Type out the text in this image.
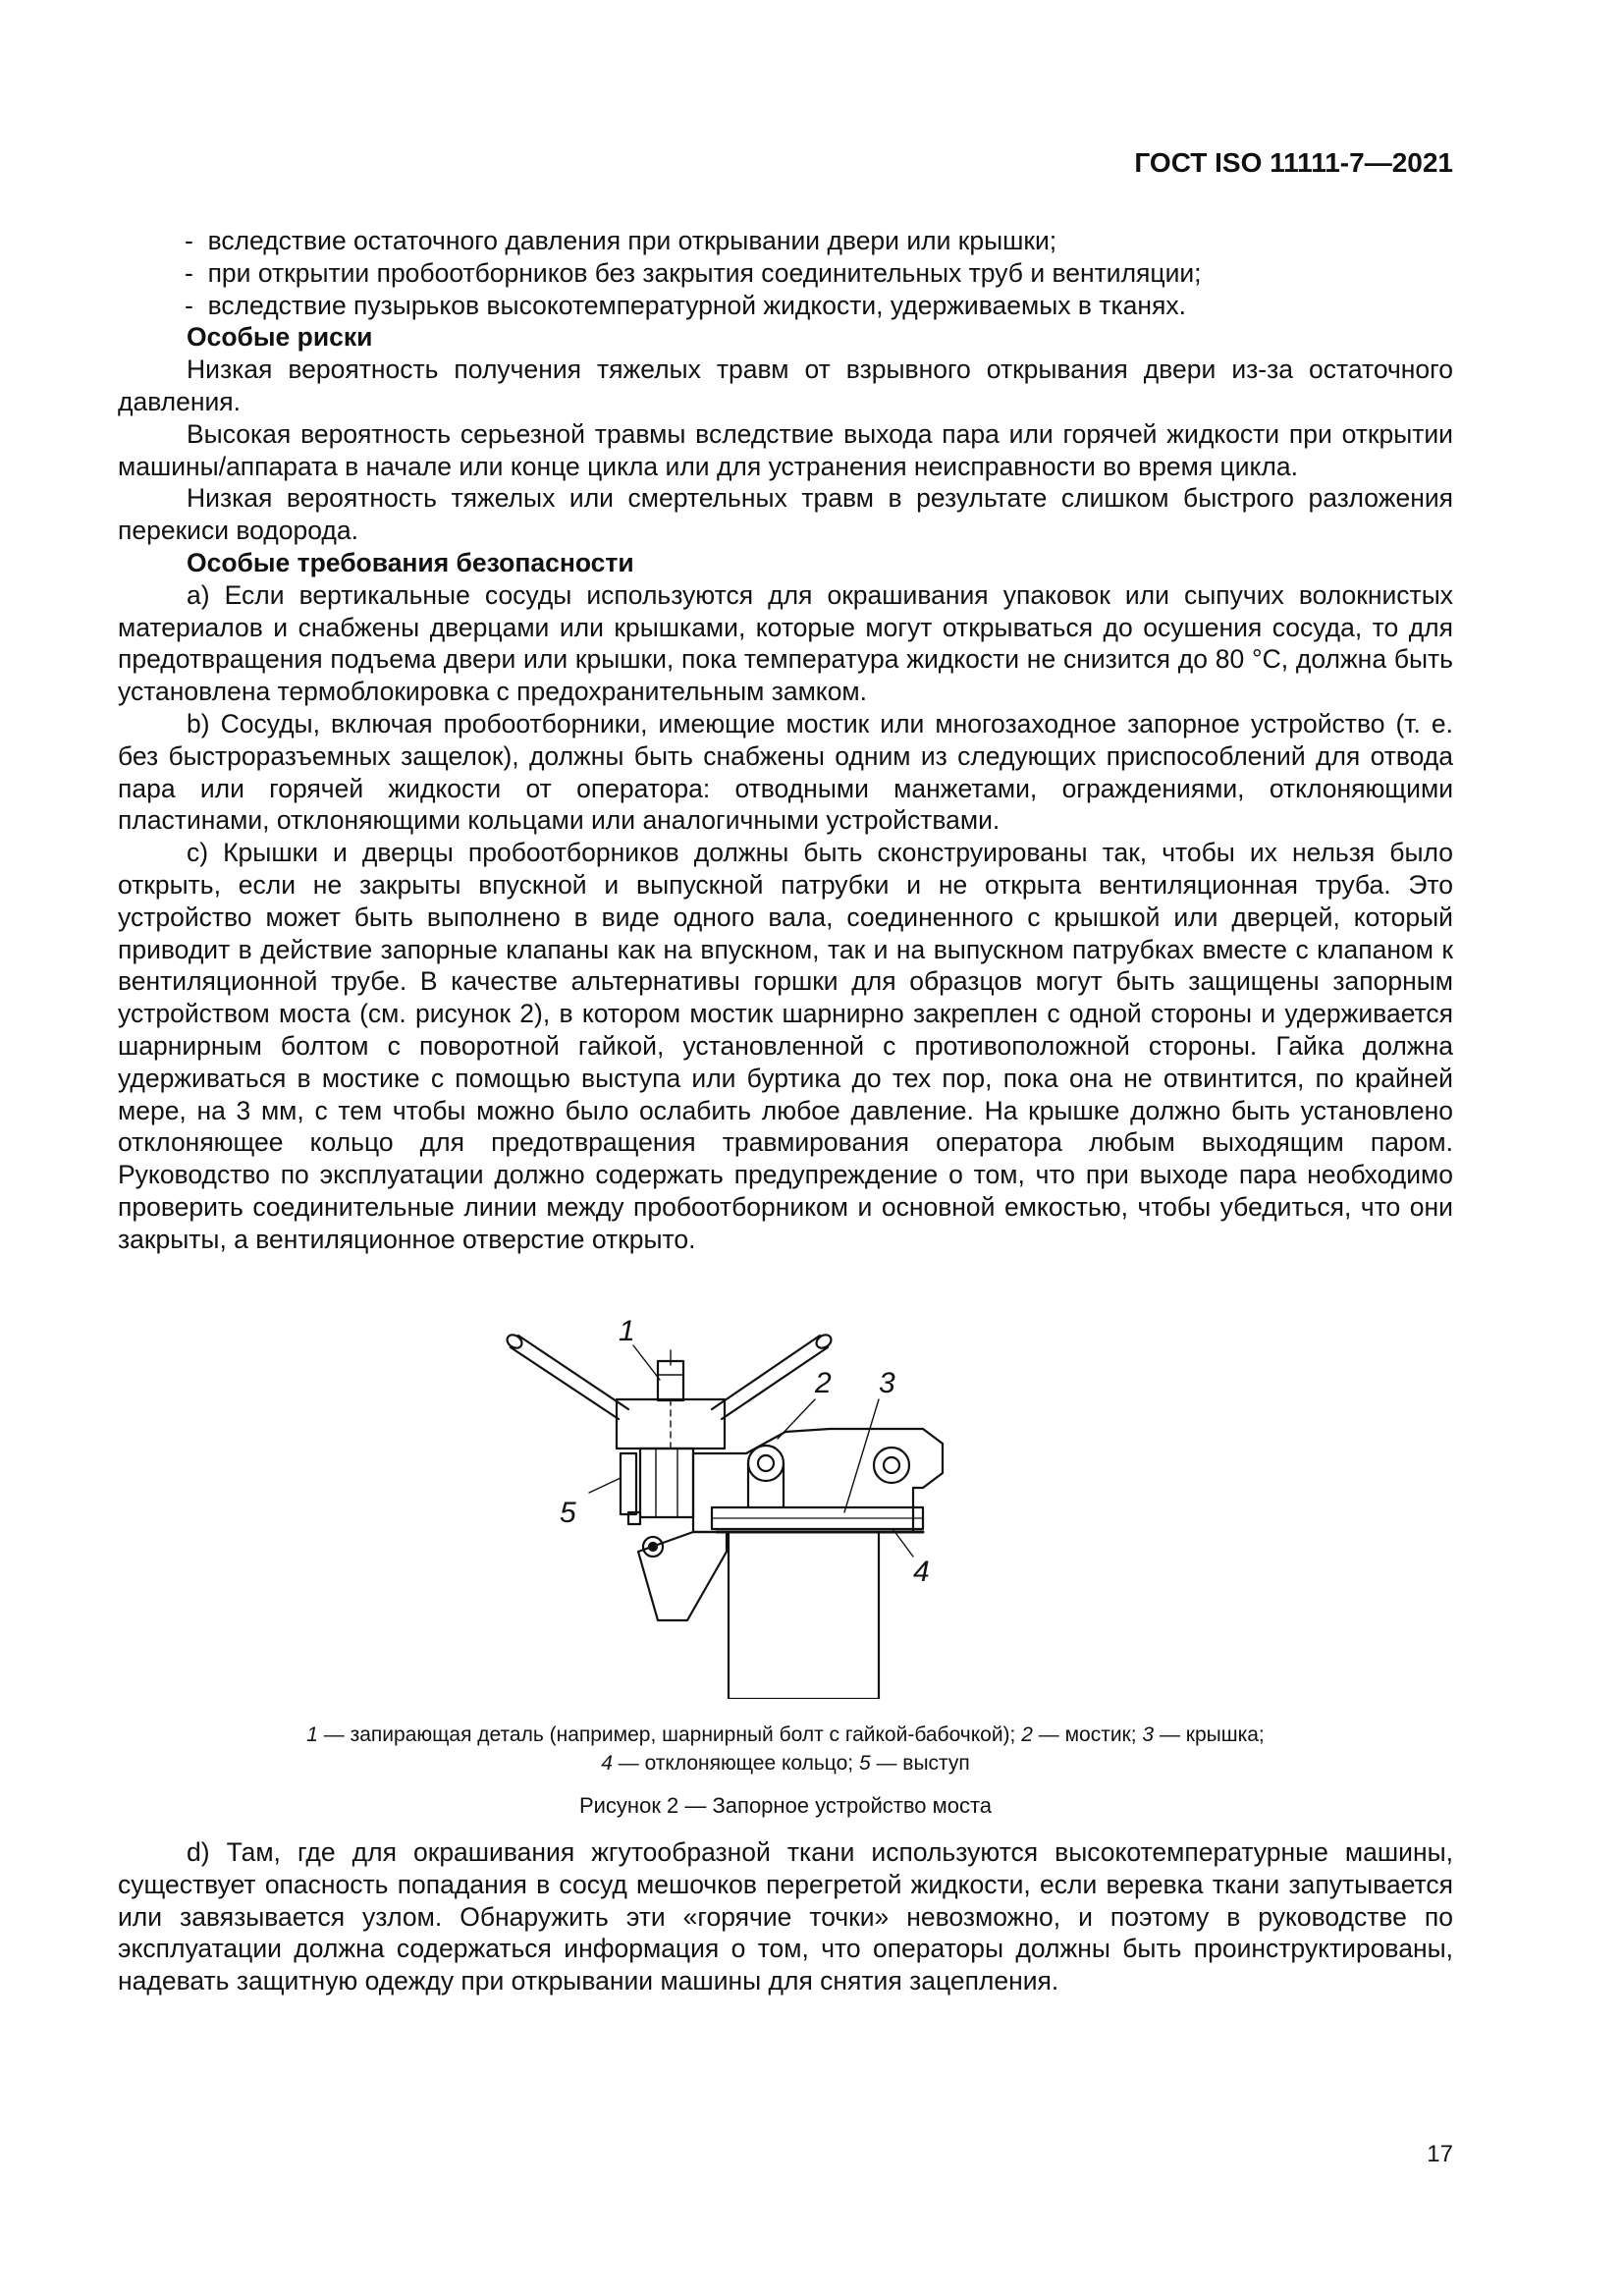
ГОСТ ISO 11111-7—2021

- вследствие остаточного давления при открывании двери или крышки;

- при открытии пробоотборников без закрытия соединительных труб и вентиляции;

- вследствие пузырьков высокотемпературной жидкости, удерживаемых в тканях.

Особые риски

Низкая вероятность получения тяжелых травм от взрывного открывания двери из-за остаточного давления.

Высокая вероятность серьезной травмы вследствие выхода пара или горячей жидкости при открытии машины/аппарата в начале или конце цикла или для устранения неисправности во время цикла.

Низкая вероятность тяжелых или смертельных травм в результате слишком быстрого разложения перекиси водорода.

Особые требования безопасности

а) Если вертикальные сосуды используются для окрашивания упаковок или сыпучих волокнистых материалов и снабжены дверцами или крышками, которые могут открываться до осушения сосуда, то для предотвращения подъема двери или крышки, пока температура жидкости не снизится до 80 °С, должна быть установлена термоблокировка с предохранительным замком.

b) Сосуды, включая пробоотборники, имеющие мостик или многозаходное запорное устройство (т. е. без быстроразъемных защелок), должны быть снабжены одним из следующих приспособлений для отвода пара или горячей жидкости от оператора: отводными манжетами, ограждениями, отклоняющими пластинами, отклоняющими кольцами или аналогичными устройствами.

с) Крышки и дверцы пробоотборников должны быть сконструированы так, чтобы их нельзя было открыть, если не закрыты впускной и выпускной патрубки и не открыта вентиляционная труба. Это устройство может быть выполнено в виде одного вала, соединенного с крышкой или дверцей, который приводит в действие запорные клапаны как на впускном, так и на выпускном патрубках вместе с клапаном к вентиляционной трубе. В качестве альтернативы горшки для образцов могут быть защищены запорным устройством моста (см. рисунок 2), в котором мостик шарнирно закреплен с одной стороны и удерживается шарнирным болтом с поворотной гайкой, установленной с противоположной стороны. Гайка должна удерживаться в мостике с помощью выступа или буртика до тех пор, пока она не отвинтится, по крайней мере, на 3 мм, с тем чтобы можно было ослабить любое давление. На крышке должно быть установлено отклоняющее кольцо для предотвращения травмирования оператора любым выходящим паром. Руководство по эксплуатации должно содержать предупреждение о том, что при выходе пара необходимо проверить соединительные линии между пробоотборником и основной емкостью, чтобы убедиться, что они закрыты, а вентиляционное отверстие открыто.

1
2 3
4
5
1 — запирающая деталь (например, шарнирный болт с гайкой-бабочкой); 2 — мостик; 3 — крышка;
4 — отклоняющее кольцо; 5 — выступ
Рисунок 2 — Запорное устройство моста

d) Там, где для окрашивания жгутообразной ткани используются высокотемпературные машины, существует опасность попадания в сосуд мешочков перегретой жидкости, если веревка ткани запутывается или завязывается узлом. Обнаружить эти «горячие точки» невозможно, и поэтому в руководстве по эксплуатации должна содержаться информация о том, что операторы должны быть проинструктированы, надевать защитную одежду при открывании машины для снятия зацепления.

17
